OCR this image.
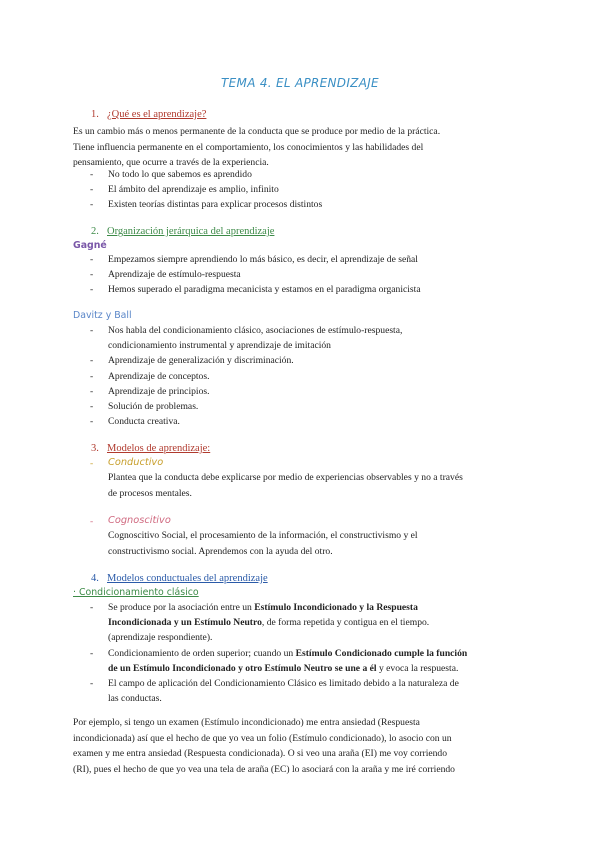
TEMA 4. EL APRENDIZAJE
1. ¿Qué es el aprendizaje?
Es un cambio más o menos permanente de la conducta que se produce por medio de la práctica.
Tiene influencia permanente en el comportamiento, los conocimientos y las habilidades del
pensamiento, que ocurre a través de la experiencia.
- No todo lo que sabemos es aprendido
- El ámbito del aprendizaje es amplio, infinito
- Existen teorías distintas para explicar procesos distintos
2. Organización jerárquica del aprendizaje
Gagné
- Empezamos siempre aprendiendo lo más básico, es decir, el aprendizaje de señal
- Aprendizaje de estímulo-respuesta
- Hemos superado el paradigma mecanicista y estamos en el paradigma organicista
Davitz y Ball
- Nos habla del condicionamiento clásico, asociaciones de estímulo-respuesta,
condicionamiento instrumental y aprendizaje de imitación
- Aprendizaje de generalización y discriminación.
- Aprendizaje de conceptos.
- Aprendizaje de principios.
- Solución de problemas.
- Conducta creativa.
3. Modelos de aprendizaje:
- Conductivo
Plantea que la conducta debe explicarse por medio de experiencias observables y no a través
de procesos mentales.
- Cognoscitivo
Cognoscitivo Social, el procesamiento de la información, el constructivismo y el
constructivismo social. Aprendemos con la ayuda del otro.
4. Modelos conductuales del aprendizaje
· Condicionamiento clásico
- Se produce por la asociación entre un Estímulo Incondicionado y la Respuesta
Incondicionada y un Estímulo Neutro, de forma repetida y contigua en el tiempo.
(aprendizaje respondiente).
- Condicionamiento de orden superior; cuando un Estímulo Condicionado cumple la función
de un Estímulo Incondicionado y otro Estímulo Neutro se une a él y evoca la respuesta.
- El campo de aplicación del Condicionamiento Clásico es limitado debido a la naturaleza de
las conductas.
Por ejemplo, si tengo un examen (Estímulo incondicionado) me entra ansiedad (Respuesta
incondicionada) así que el hecho de que yo vea un folio (Estímulo condicionado), lo asocio con un
examen y me entra ansiedad (Respuesta condicionada). O si veo una araña (EI) me voy corriendo
(RI), pues el hecho de que yo vea una tela de araña (EC) lo asociará con la araña y me iré corriendo
